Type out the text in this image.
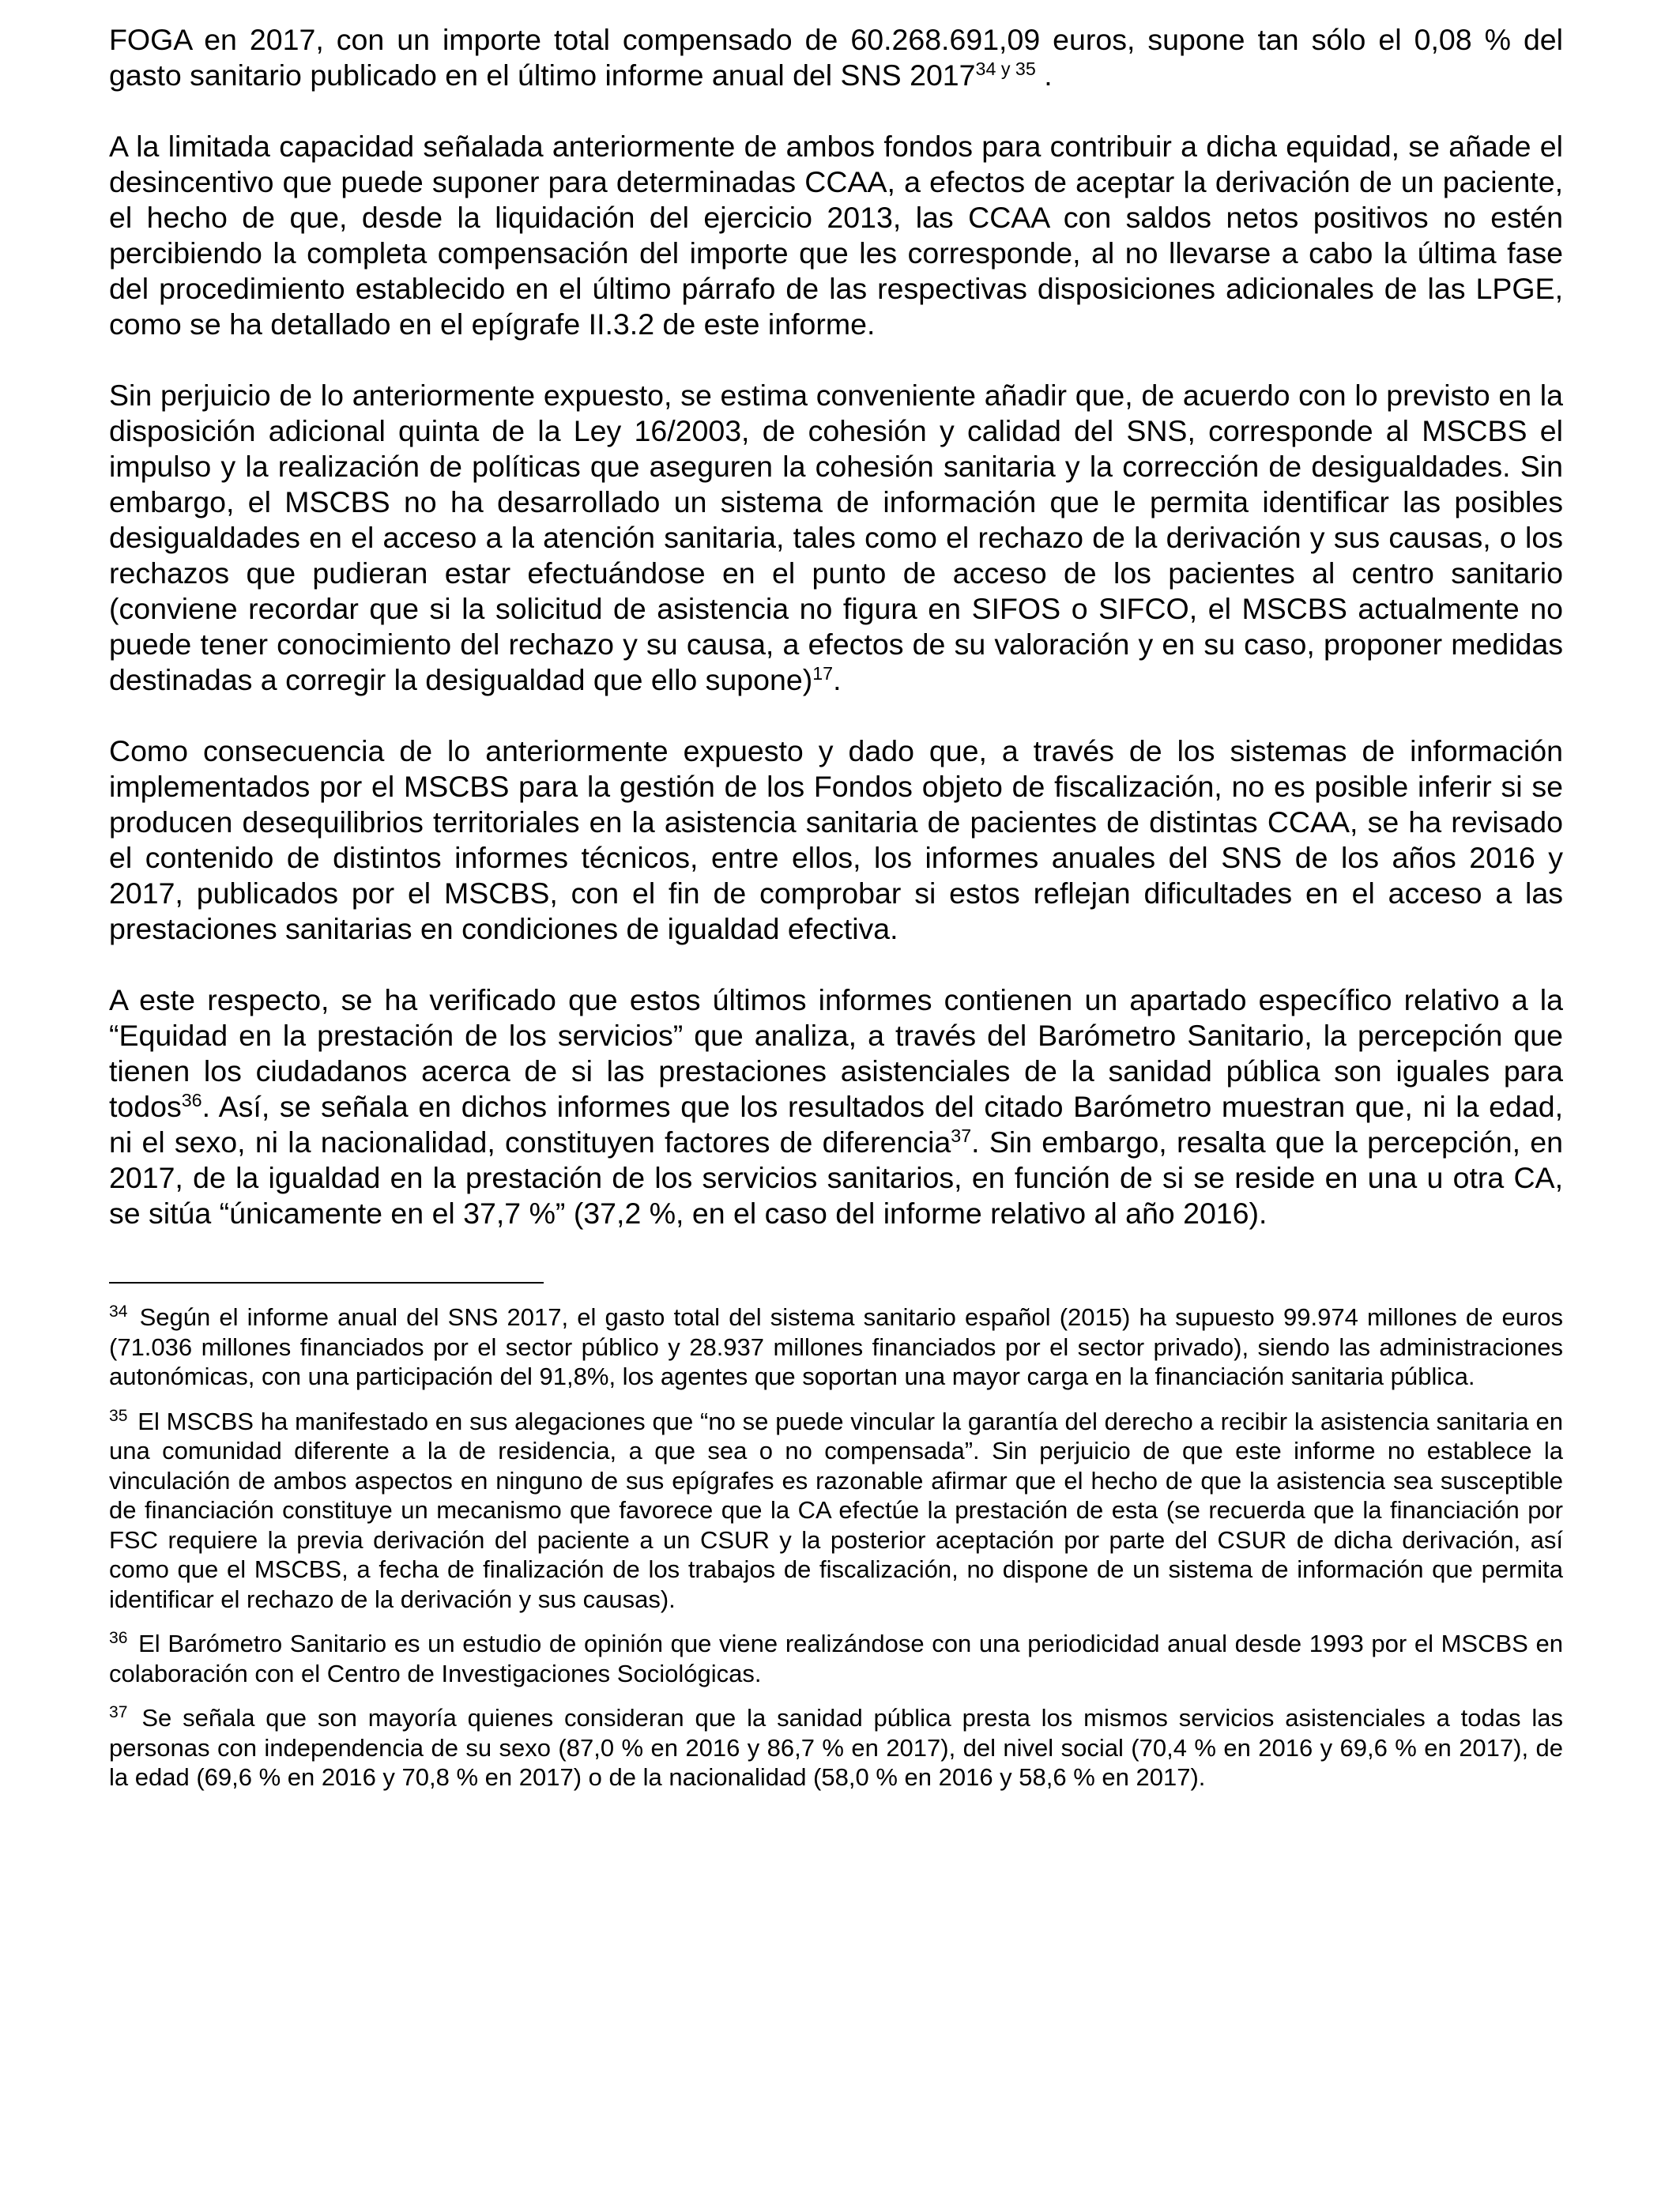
FOGA en 2017, con un importe total compensado de 60.268.691,09 euros, supone tan sólo el 0,08 % del gasto sanitario publicado en el último informe anual del SNS $2017^{34 y 35}$ .

A la limitada capacidad señalada anteriormente de ambos fondos para contribuir a dicha equidad, se añade el desincentivo que puede suponer para determinadas CCAA, a efectos de aceptar la derivación de un paciente, el hecho de que, desde la liquidación del ejercicio 2013, las CCAA con saldos netos positivos no estén percibiendo la completa compensación del importe que les corresponde, al no llevarse a cabo la última fase del procedimiento establecido en el último párrafo de las respectivas disposiciones adicionales de las LPGE, como se ha detallado en el epígrafe II.3.2 de este informe.

Sin perjuicio de lo anteriormente expuesto, se estima conveniente añadir que, de acuerdo con lo previsto en la disposición adicional quinta de la Ley 16/2003, de cohesión y calidad del SNS, corresponde al MSCBS el impulso y la realización de políticas que aseguren la cohesión sanitaria y la corrección de desigualdades. Sin embargo, el MSCBS no ha desarrollado un sistema de información que le permita identificar las posibles desigualdades en el acceso a la atención sanitaria, tales como el rechazo de la derivación y sus causas, o los rechazos que pudieran estar efectuándose en el punto de acceso de los pacientes al centro sanitario (conviene recordar que si la solicitud de asistencia no figura en SIFOS o SIFCO, el MSCBS actualmente no puede tener conocimiento del rechazo y su causa, a efectos de su valoración y en su caso, proponer medidas destinadas a corregir la desigualdad que ello supone)$^{17}$.

Como consecuencia de lo anteriormente expuesto y dado que, a través de los sistemas de información implementados por el MSCBS para la gestión de los Fondos objeto de fiscalización, no es posible inferir si se producen desequilibrios territoriales en la asistencia sanitaria de pacientes de distintas CCAA, se ha revisado el contenido de distintos informes técnicos, entre ellos, los informes anuales del SNS de los años 2016 y 2017, publicados por el MSCBS, con el fin de comprobar si estos reflejan dificultades en el acceso a las prestaciones sanitarias en condiciones de igualdad efectiva.

A este respecto, se ha verificado que estos últimos informes contienen un apartado específico relativo a la “Equidad en la prestación de los servicios” que analiza, a través del Barómetro Sanitario, la percepción que tienen los ciudadanos acerca de si las prestaciones asistenciales de la sanidad pública son iguales para todos$^{36}$. Así, se señala en dichos informes que los resultados del citado Barómetro muestran que, ni la edad, ni el sexo, ni la nacionalidad, constituyen factores de diferencia$^{37}$. Sin embargo, resalta que la percepción, en 2017, de la igualdad en la prestación de los servicios sanitarios, en función de si se reside en una u otra CA, se sitúa “únicamente en el 37,7 %” (37,2 %, en el caso del informe relativo al año 2016).

$^{34}$ Según el informe anual del SNS 2017, el gasto total del sistema sanitario español (2015) ha supuesto 99.974 millones de euros (71.036 millones financiados por el sector público y 28.937 millones financiados por el sector privado), siendo las administraciones autonómicas, con una participación del 91,8%, los agentes que soportan una mayor carga en la financiación sanitaria pública.

$^{35}$ El MSCBS ha manifestado en sus alegaciones que “no se puede vincular la garantía del derecho a recibir la asistencia sanitaria en una comunidad diferente a la de residencia, a que sea o no compensada”. Sin perjuicio de que este informe no establece la vinculación de ambos aspectos en ninguno de sus epígrafes es razonable afirmar que el hecho de que la asistencia sea susceptible de financiación constituye un mecanismo que favorece que la CA efectúe la prestación de esta (se recuerda que la financiación por FSC requiere la previa derivación del paciente a un CSUR y la posterior aceptación por parte del CSUR de dicha derivación, así como que el MSCBS, a fecha de finalización de los trabajos de fiscalización, no dispone de un sistema de información que permita identificar el rechazo de la derivación y sus causas).

$^{36}$ El Barómetro Sanitario es un estudio de opinión que viene realizándose con una periodicidad anual desde 1993 por el MSCBS en colaboración con el Centro de Investigaciones Sociológicas.

$^{37}$ Se señala que son mayoría quienes consideran que la sanidad pública presta los mismos servicios asistenciales a todas las personas con independencia de su sexo (87,0 % en 2016 y 86,7 % en 2017), del nivel social (70,4 % en 2016 y 69,6 % en 2017), de la edad (69,6 % en 2016 y 70,8 % en 2017) o de la nacionalidad (58,0 % en 2016 y 58,6 % en 2017).
